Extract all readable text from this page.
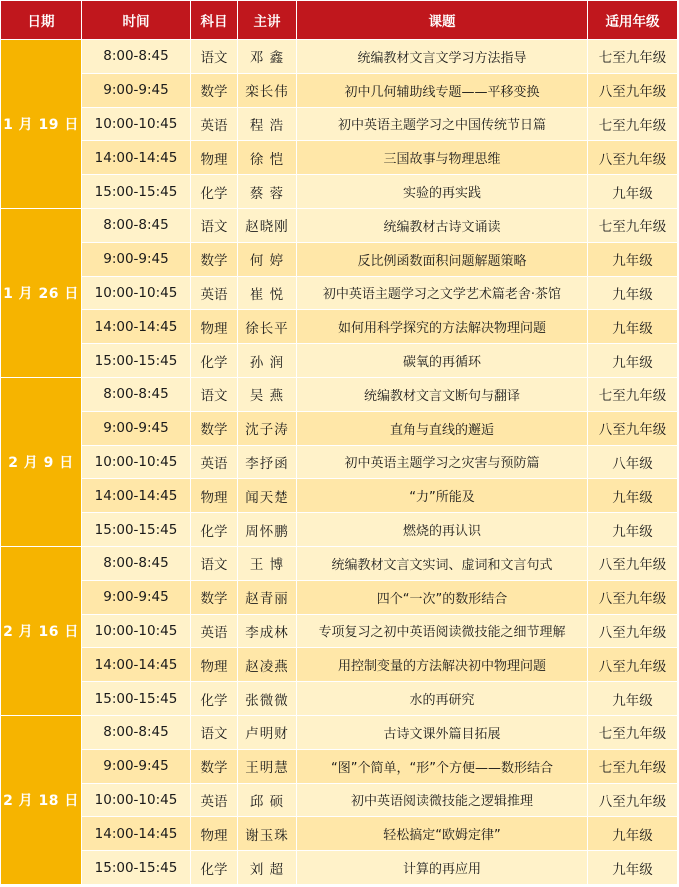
日期	时间	科目	主讲	课题	适用年级
1 月 19 日	8:00-8:45	语文	邓 鑫	统编教材文言文学习方法指导	七至九年级
	9:00-9:45	数学	栾长伟	初中几何辅助线专题——平移变换	八至九年级
	10:00-10:45	英语	程 浩	初中英语主题学习之中国传统节日篇	七至九年级
	14:00-14:45	物理	徐 恺	三国故事与物理思维	八至九年级
	15:00-15:45	化学	蔡 蓉	实验的再实践	九年级
1 月 26 日	8:00-8:45	语文	赵晓刚	统编教材古诗文诵读	七至九年级
	9:00-9:45	数学	何 婷	反比例函数面积问题解题策略	九年级
	10:00-10:45	英语	崔 悦	初中英语主题学习之文学艺术篇老舍·茶馆	九年级
	14:00-14:45	物理	徐长平	如何用科学探究的方法解决物理问题	九年级
	15:00-15:45	化学	孙 润	碳氧的再循环	九年级
2 月 9 日	8:00-8:45	语文	吴 燕	统编教材文言文断句与翻译	七至九年级
	9:00-9:45	数学	沈子涛	直角与直线的邂逅	八至九年级
	10:00-10:45	英语	李抒函	初中英语主题学习之灾害与预防篇	八年级
	14:00-14:45	物理	闻天楚	“力”所能及	九年级
	15:00-15:45	化学	周怀鹏	燃烧的再认识	九年级
2 月 16 日	8:00-8:45	语文	王 博	统编教材文言文实词、虚词和文言句式	八至九年级
	9:00-9:45	数学	赵青丽	四个“一次”的数形结合	八至九年级
	10:00-10:45	英语	李成林	专项复习之初中英语阅读微技能之细节理解	八至九年级
	14:00-14:45	物理	赵凌燕	用控制变量的方法解决初中物理问题	八至九年级
	15:00-15:45	化学	张微微	水的再研究	九年级
2 月 18 日	8:00-8:45	语文	卢明财	古诗文课外篇目拓展	七至九年级
	9:00-9:45	数学	王明慧	“图”个简单，“形”个方便——数形结合	七至九年级
	10:00-10:45	英语	邱 硕	初中英语阅读微技能之逻辑推理	八至九年级
	14:00-14:45	物理	谢玉珠	轻松搞定“欧姆定律”	九年级
	15:00-15:45	化学	刘 超	计算的再应用	九年级
